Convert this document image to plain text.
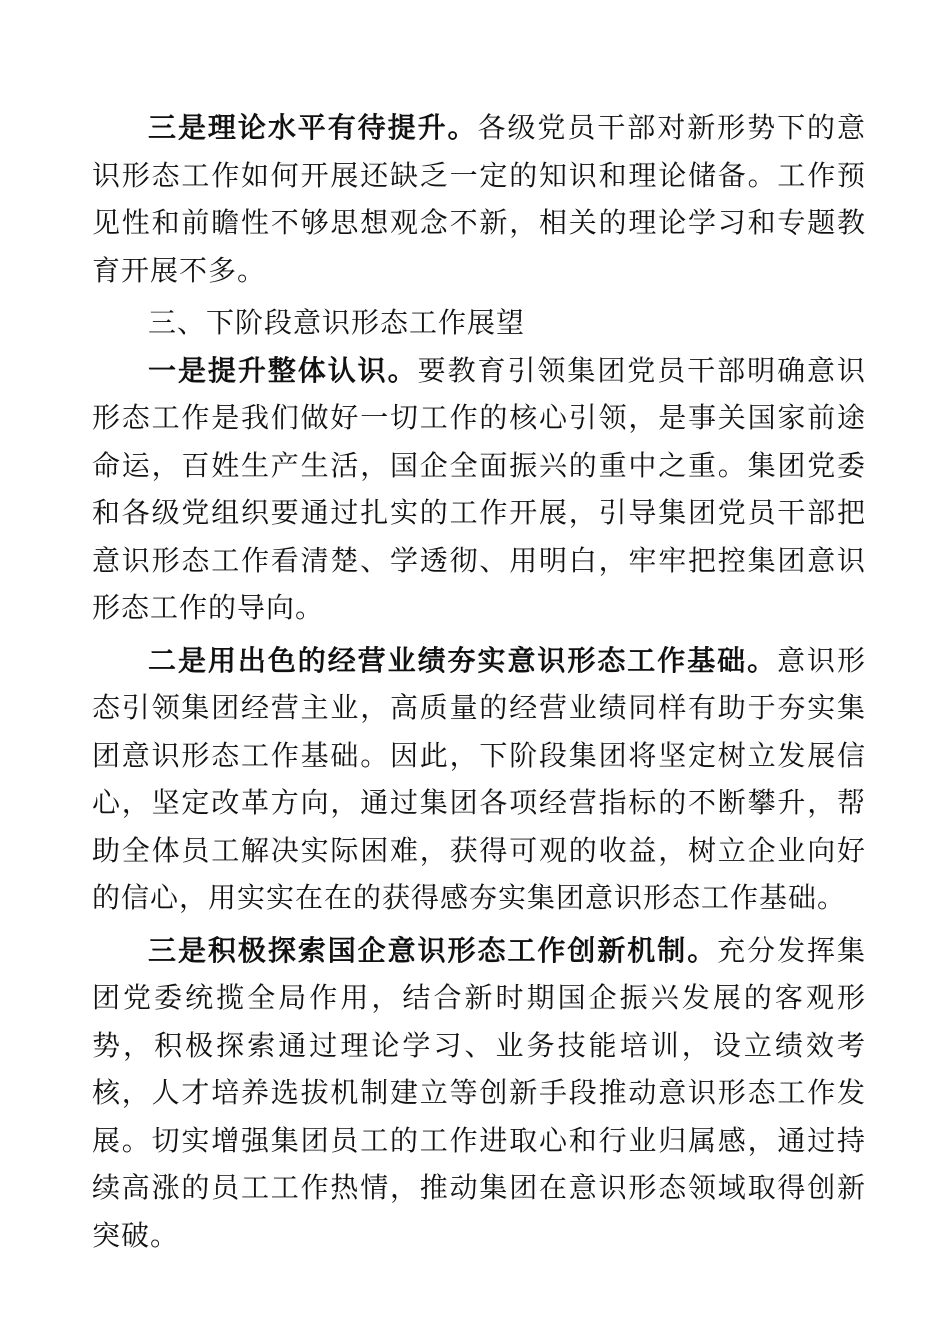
三是理论水平有待提升。各级党员干部对新形势下的意识形态工作如何开展还缺乏一定的知识和理论储备。工作预见性和前瞻性不够思想观念不新，相关的理论学习和专题教育开展不多。

三、下阶段意识形态工作展望

一是提升整体认识。要教育引领集团党员干部明确意识形态工作是我们做好一切工作的核心引领，是事关国家前途命运，百姓生产生活，国企全面振兴的重中之重。集团党委和各级党组织要通过扎实的工作开展，引导集团党员干部把意识形态工作看清楚、学透彻、用明白，牢牢把控集团意识形态工作的导向。

二是用出色的经营业绩夯实意识形态工作基础。意识形态引领集团经营主业，高质量的经营业绩同样有助于夯实集团意识形态工作基础。因此，下阶段集团将坚定树立发展信心，坚定改革方向，通过集团各项经营指标的不断攀升，帮助全体员工解决实际困难，获得可观的收益，树立企业向好的信心，用实实在在的获得感夯实集团意识形态工作基础。

三是积极探索国企意识形态工作创新机制。充分发挥集团党委统揽全局作用，结合新时期国企振兴发展的客观形势，积极探索通过理论学习、业务技能培训，设立绩效考核，人才培养选拔机制建立等创新手段推动意识形态工作发展。切实增强集团员工的工作进取心和行业归属感，通过持续高涨的员工工作热情，推动集团在意识形态领域取得创新突破。
